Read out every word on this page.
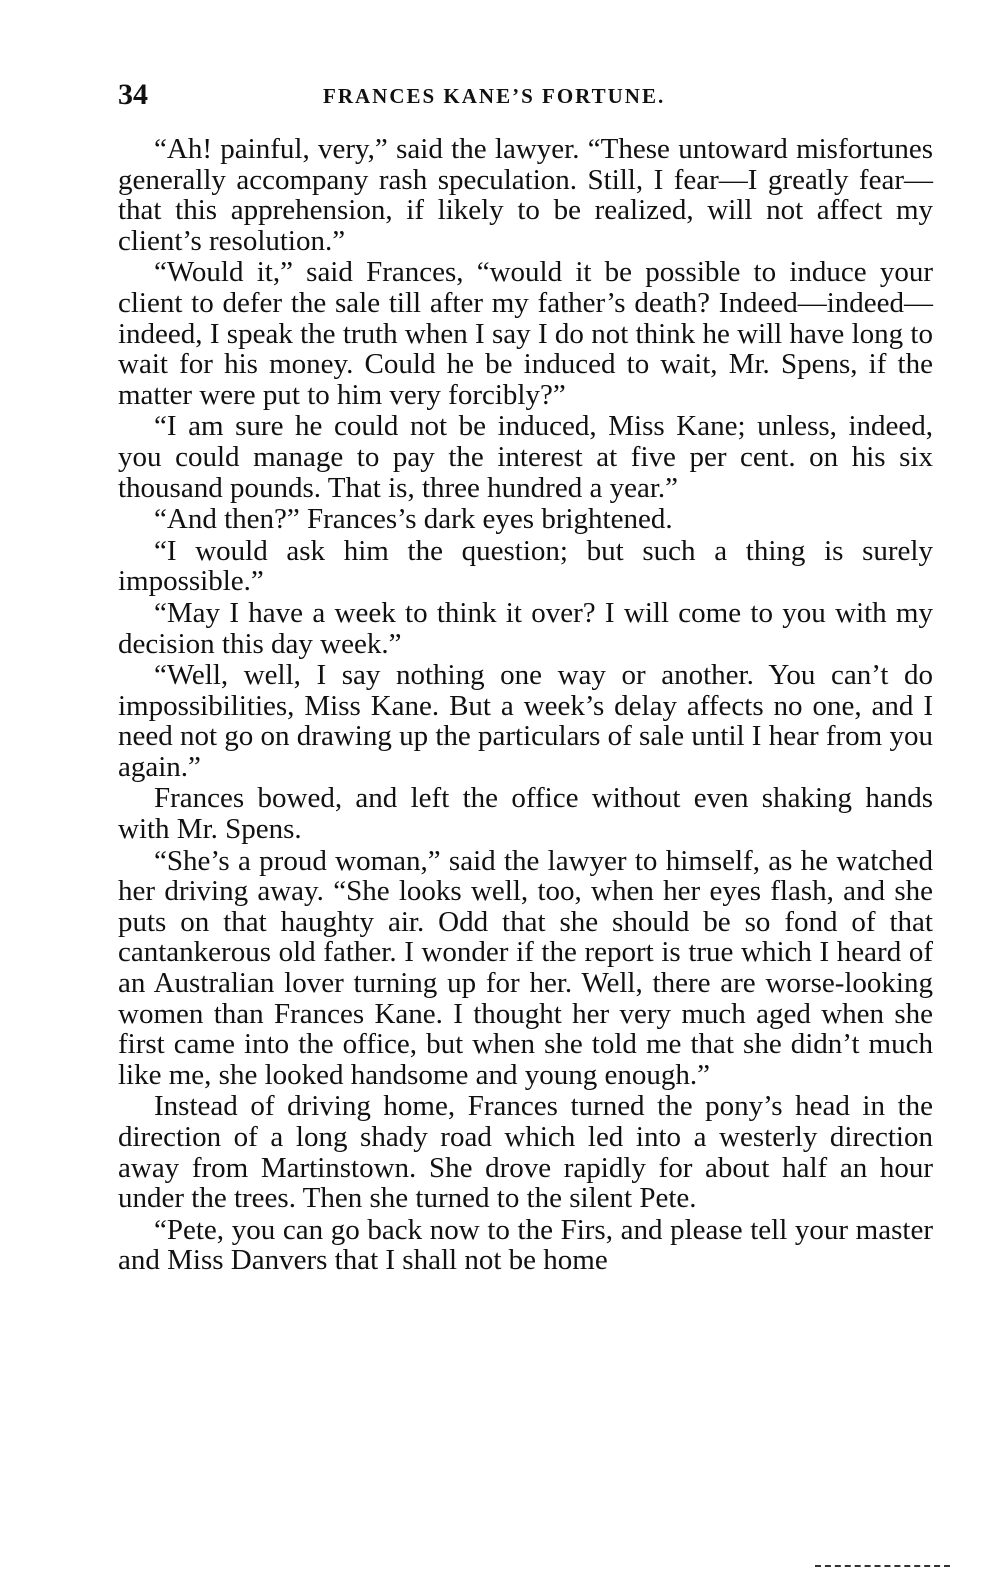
34	FRANCES KANE’S FORTUNE.

“Ah! painful, very,” said the lawyer. “These untoward misfortunes generally accompany rash speculation. Still, I fear—I greatly fear—that this apprehension, if likely to be realized, will not affect my client’s resolution.”

“Would it,” said Frances, “would it be possible to induce your client to defer the sale till after my father’s death? Indeed—indeed—indeed, I speak the truth when I say I do not think he will have long to wait for his money. Could he be induced to wait, Mr. Spens, if the matter were put to him very forcibly?”

“I am sure he could not be induced, Miss Kane; unless, indeed, you could manage to pay the interest at five per cent. on his six thousand pounds. That is, three hundred a year.”

“And then?” Frances’s dark eyes brightened.

“I would ask him the question; but such a thing is surely impossible.”

“May I have a week to think it over? I will come to you with my decision this day week.”

“Well, well, I say nothing one way or another. You can’t do impossibilities, Miss Kane. But a week’s delay affects no one, and I need not go on drawing up the particulars of sale until I hear from you again.”

Frances bowed, and left the office without even shaking hands with Mr. Spens.

“She’s a proud woman,” said the lawyer to himself, as he watched her driving away. “She looks well, too, when her eyes flash, and she puts on that haughty air. Odd that she should be so fond of that cantankerous old father. I wonder if the report is true which I heard of an Australian lover turning up for her. Well, there are worse-looking women than Frances Kane. I thought her very much aged when she first came into the office, but when she told me that she didn’t much like me, she looked handsome and young enough.”

Instead of driving home, Frances turned the pony’s head in the direction of a long shady road which led into a westerly direction away from Martinstown. She drove rapidly for about half an hour under the trees. Then she turned to the silent Pete.

“Pete, you can go back now to the Firs, and please tell your master and Miss Danvers that I shall not be home
